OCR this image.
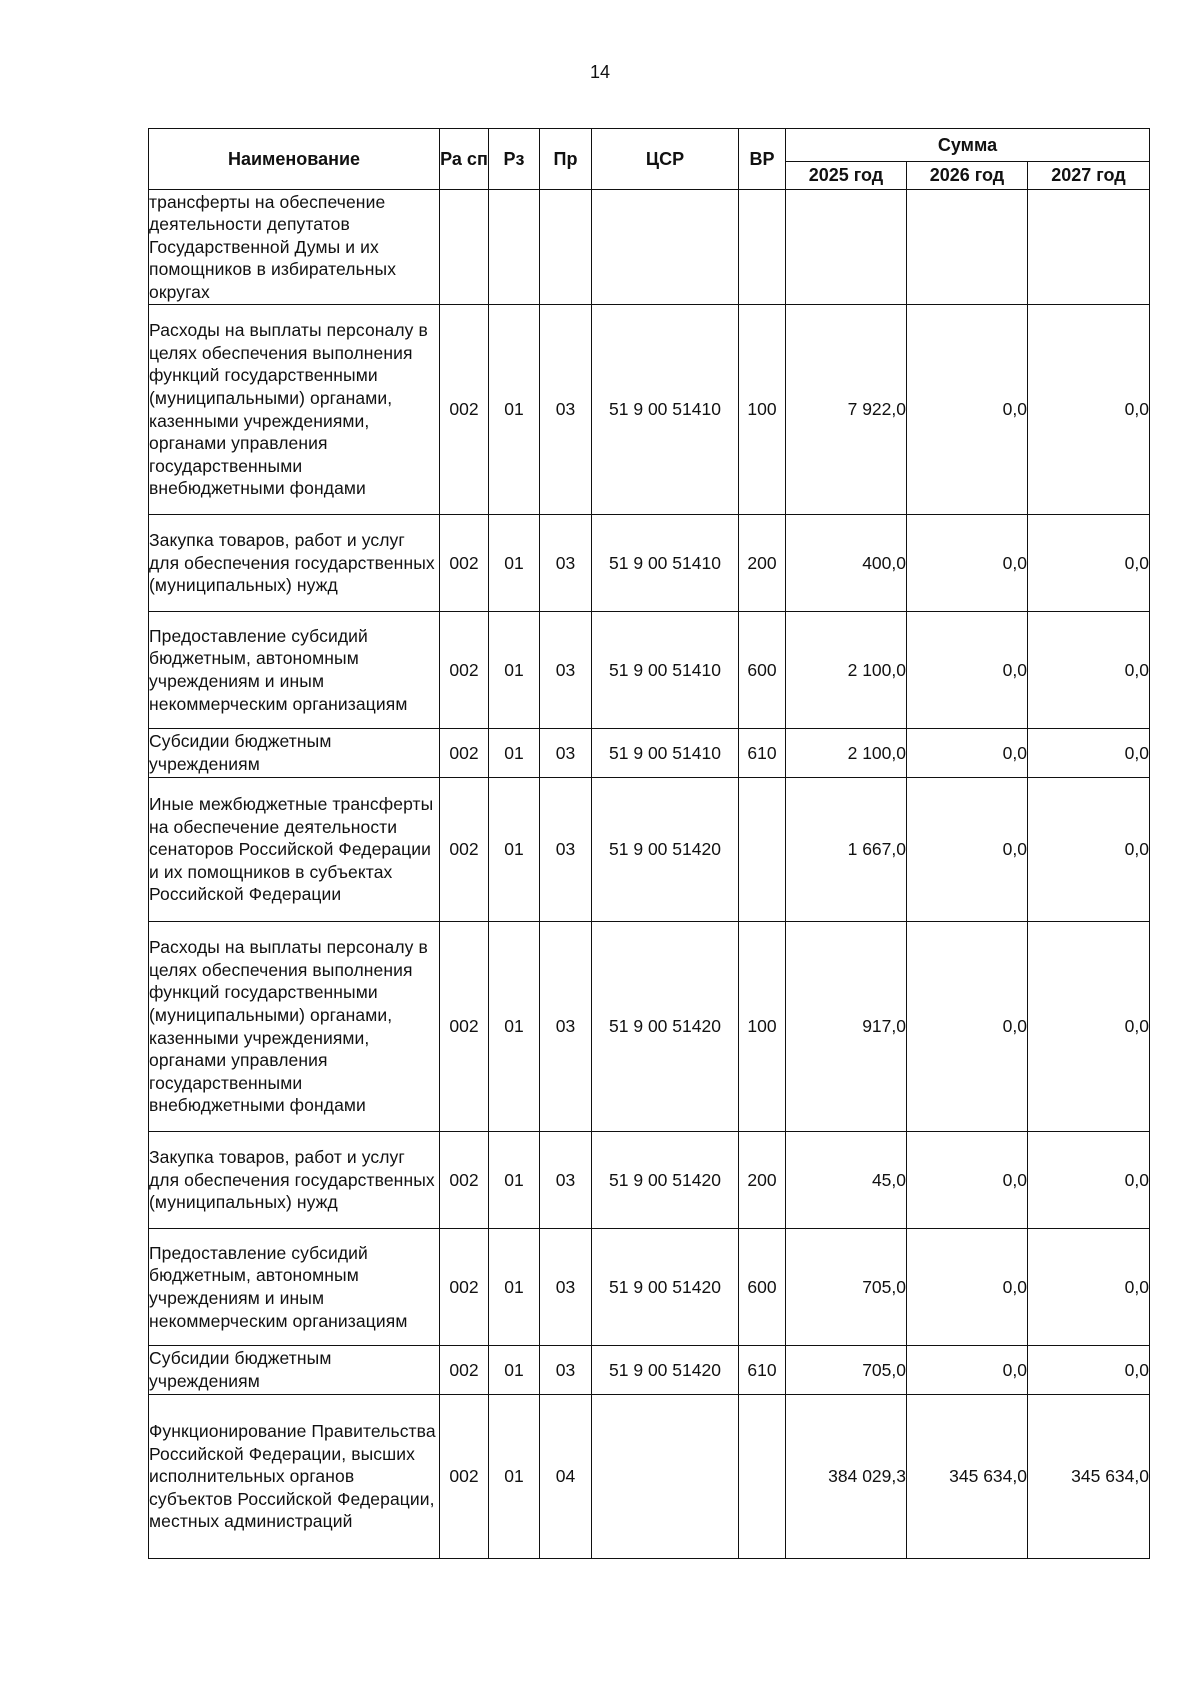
14
Наименование	Ра сп	Рз	Пр	ЦСР	ВР	Сумма		
						2025 год	2026 год	2027 год
трансферты на обеспечение деятельности депутатов Государственной Думы и их помощников в избирательных округах								
Расходы на выплаты персоналу в целях обеспечения выполнения функций государственными (муниципальными) органами, казенными учреждениями, органами управления государственными внебюджетными фондами	002	01	03	51 9 00 51410	100	7 922,0	0,0	0,0
Закупка товаров, работ и услуг для обеспечения государственных (муниципальных) нужд	002	01	03	51 9 00 51410	200	400,0	0,0	0,0
Предоставление субсидий бюджетным, автономным учреждениям и иным некоммерческим организациям	002	01	03	51 9 00 51410	600	2 100,0	0,0	0,0
Субсидии бюджетным учреждениям	002	01	03	51 9 00 51410	610	2 100,0	0,0	0,0
Иные межбюджетные трансферты на обеспечение деятельности сенаторов Российской Федерации и их помощников в субъектах Российской Федерации	002	01	03	51 9 00 51420		1 667,0	0,0	0,0
Расходы на выплаты персоналу в целях обеспечения выполнения функций государственными (муниципальными) органами, казенными учреждениями, органами управления государственными внебюджетными фондами	002	01	03	51 9 00 51420	100	917,0	0,0	0,0
Закупка товаров, работ и услуг для обеспечения государственных (муниципальных) нужд	002	01	03	51 9 00 51420	200	45,0	0,0	0,0
Предоставление субсидий бюджетным, автономным учреждениям и иным некоммерческим организациям	002	01	03	51 9 00 51420	600	705,0	0,0	0,0
Субсидии бюджетным учреждениям	002	01	03	51 9 00 51420	610	705,0	0,0	0,0
Функционирование Правительства Российской Федерации, высших исполнительных органов субъектов Российской Федерации, местных администраций	002	01	04			384 029,3	345 634,0	345 634,0
